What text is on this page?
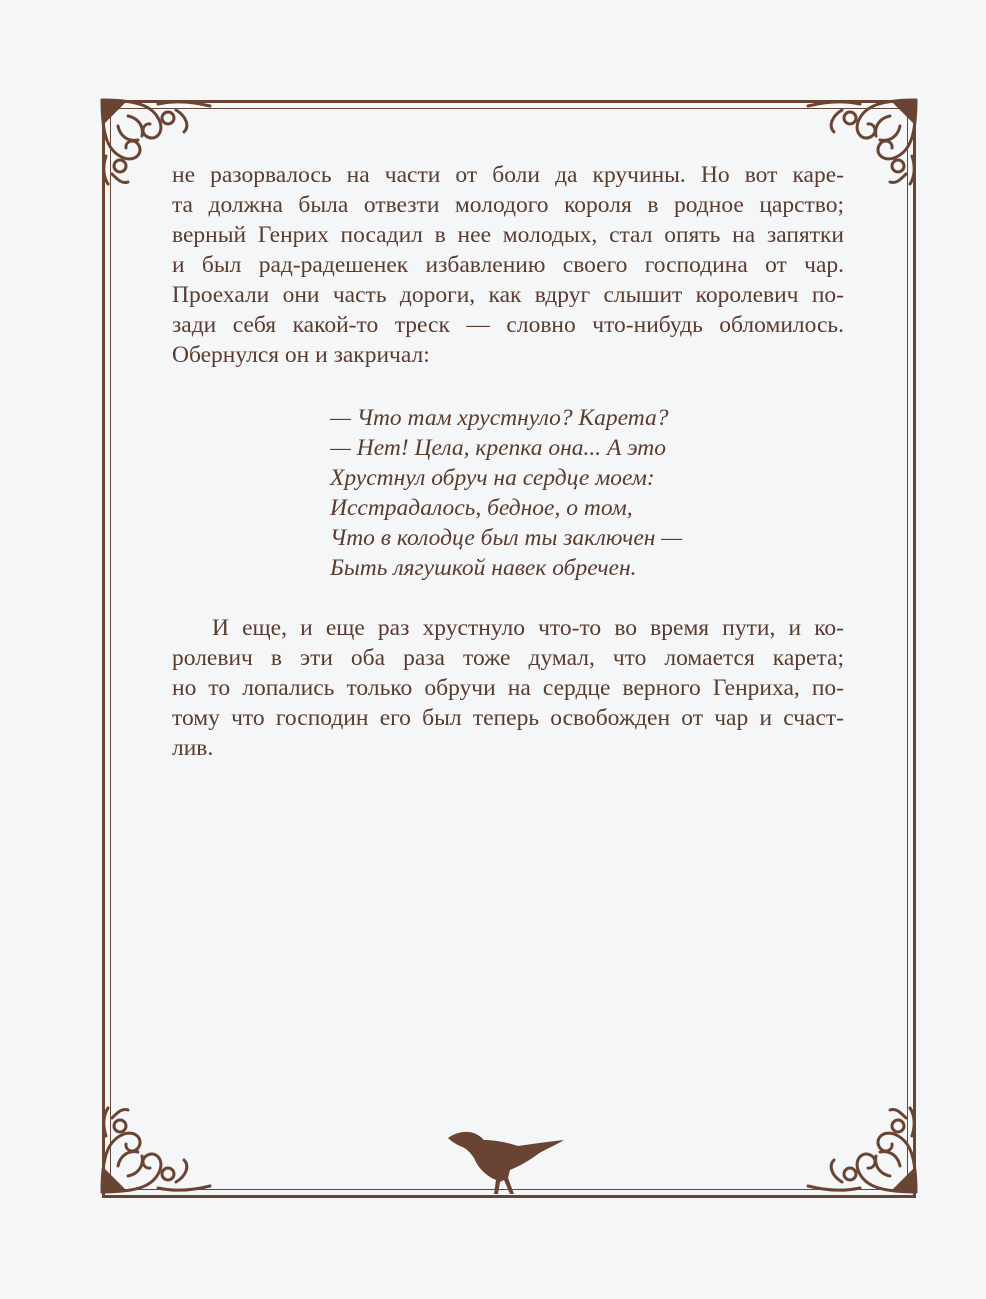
не разорвалось на части от боли да кручины. Но вот каре-
та должна была отвезти молодого короля в родное царство;
верный Генрих посадил в нее молодых, стал опять на запятки
и был рад-радешенек избавлению своего господина от чар.
Проехали они часть дороги, как вдруг слышит королевич по-
зади себя какой-то треск — словно что-нибудь обломилось.
Обернулся он и закричал:
— Что там хрустнуло? Карета?
— Нет! Цела, крепка она... А это
Хрустнул обруч на сердце моем:
Исстрадалось, бедное, о том,
Что в колодце был ты заключен —
Быть лягушкой навек обречен.
И еще, и еще раз хрустнуло что-то во время пути, и ко-
ролевич в эти оба раза тоже думал, что ломается карета;
но то лопались только обручи на сердце верного Генриха, по-
тому что господин его был теперь освобожден от чар и счаст-
лив.
